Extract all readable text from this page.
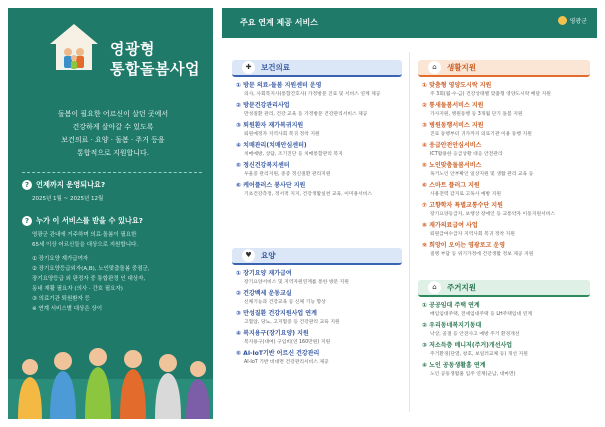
영광형
통합돌봄사업
돌봄이 필요한 어르신이 살던 곳에서
건강하게 살아갈 수 있도록
보건의료 · 요양 · 돌봄 · 주거 등을
통합적으로 지원합니다.
? 언제까지 운영되나요?
2025년 1월 ~ 2025년 12월
? 누가 이 서비스를 받을 수 있나요?
영광군 관내에 거주하며 의료·돌봄이 필요한
65세 이상 어르신들을 대상으로 지원합니다.
① 장기요양 재가급여자
② 장기요양등급외자(A,B), 노인맞춤돌봄 중점군,
장기요양등급 외 판정자 중 통합판정 인 대상자,
동네 재활 필요자 (의사 · 간호 필요자)
③ 의료기관 퇴원환자 등
※ 연계 서비스별 대상은 상이
주요 연계 제공 서비스	영광군
✚	보건의료
① 방문 의료-돌봄 지원센터 운영
의사, 사회복지사(통합간호사) 가정방문 진료 및 서비스 연계 제공
② 방문건강관리사업
만성질환 관리, 건강 교육 등 가정방문 건강관리서비스 제공
③ 퇴원환자 재가복귀지원
퇴원예정자 지역사회 복귀 정착 지원
④ 치매관리(치매안심센터)
치매예방, 상담, 조기진단 등 치매통합관리 복지
⑤ 정신건강복지센터
우울증 관리지원, 중증 정신질환 관리지원
⑥ 케어플러스 봉사단 지원
기초건강측정, 정서적 지지, 건강생활실천 교육, 이미용서비스
♥	요양
① 장기요양 재가급여
장기요양서비스 및 지역자원연계를 통한 방문 지원
② 건강백세 운동교실
신체기능과 건강교육 등 신체 기능 향상
③ 만성질환 건강지원사업 연계
고혈압, 당뇨, 고지혈증 등 건강관리 교육 지원
④ 복지용구(장기요양) 지원
복지용구(대여) 구입비(연 160만원) 지원
⑤ AI-IoT기반 어르신 건강관리
AI-IoT 기반 비대면 건강관리서비스 제공
⌂	생활지원
① 맞춤형 영양도시락 지원
주 3회(월·수·금) 건강상태별 맞춤형 영양도시락 배달 지원
② 통새돌봄서비스 지원
가사지원, 병원동행 등 3개월 단기 돌봄 지원
③ 병원동행서비스 지원
진료 동행부터 귀가까지 의료기관 이용 동행 지원
④ 응급안전안심서비스
ICT활용한 응급상황 대응 안전관리
⑤ 노인맞춤돌봄서비스
독거노인 안부확인 일상지원 및 생활 관리 교육 등
⑥ 스마트 플러그 지원
사용전력 감지로 고독사 예방 지원
⑦ 고향학자 특별교통수단 지원
장기요양등급자, 보행상 장애인 등 교통약자 이동지원서비스
⑧ 재가의료급여 사업
퇴원급여수급자 지역사회 복귀 정착 지원
⑨ 희망이 오이는 영광로고 운영
질병 부담 등 위기가정에 건강생활 정보 제공 지원
⌂	주거지원
① 공공임대 주택 연계
매입임대주택, 전세임대주택 등 LH주택임대 연계
② 우리동네복지기동대
낙상, 골절 등 안전사고 예방 주거 환경개선
③ 저소득층 메니저(주거)개선사업
주거환경(단열, 창호, 보일러교체 등) 개선 지원
④ 노인 공동생활홈 연계
노인 공동생활홈 입주 연계(군남, 대마면)
